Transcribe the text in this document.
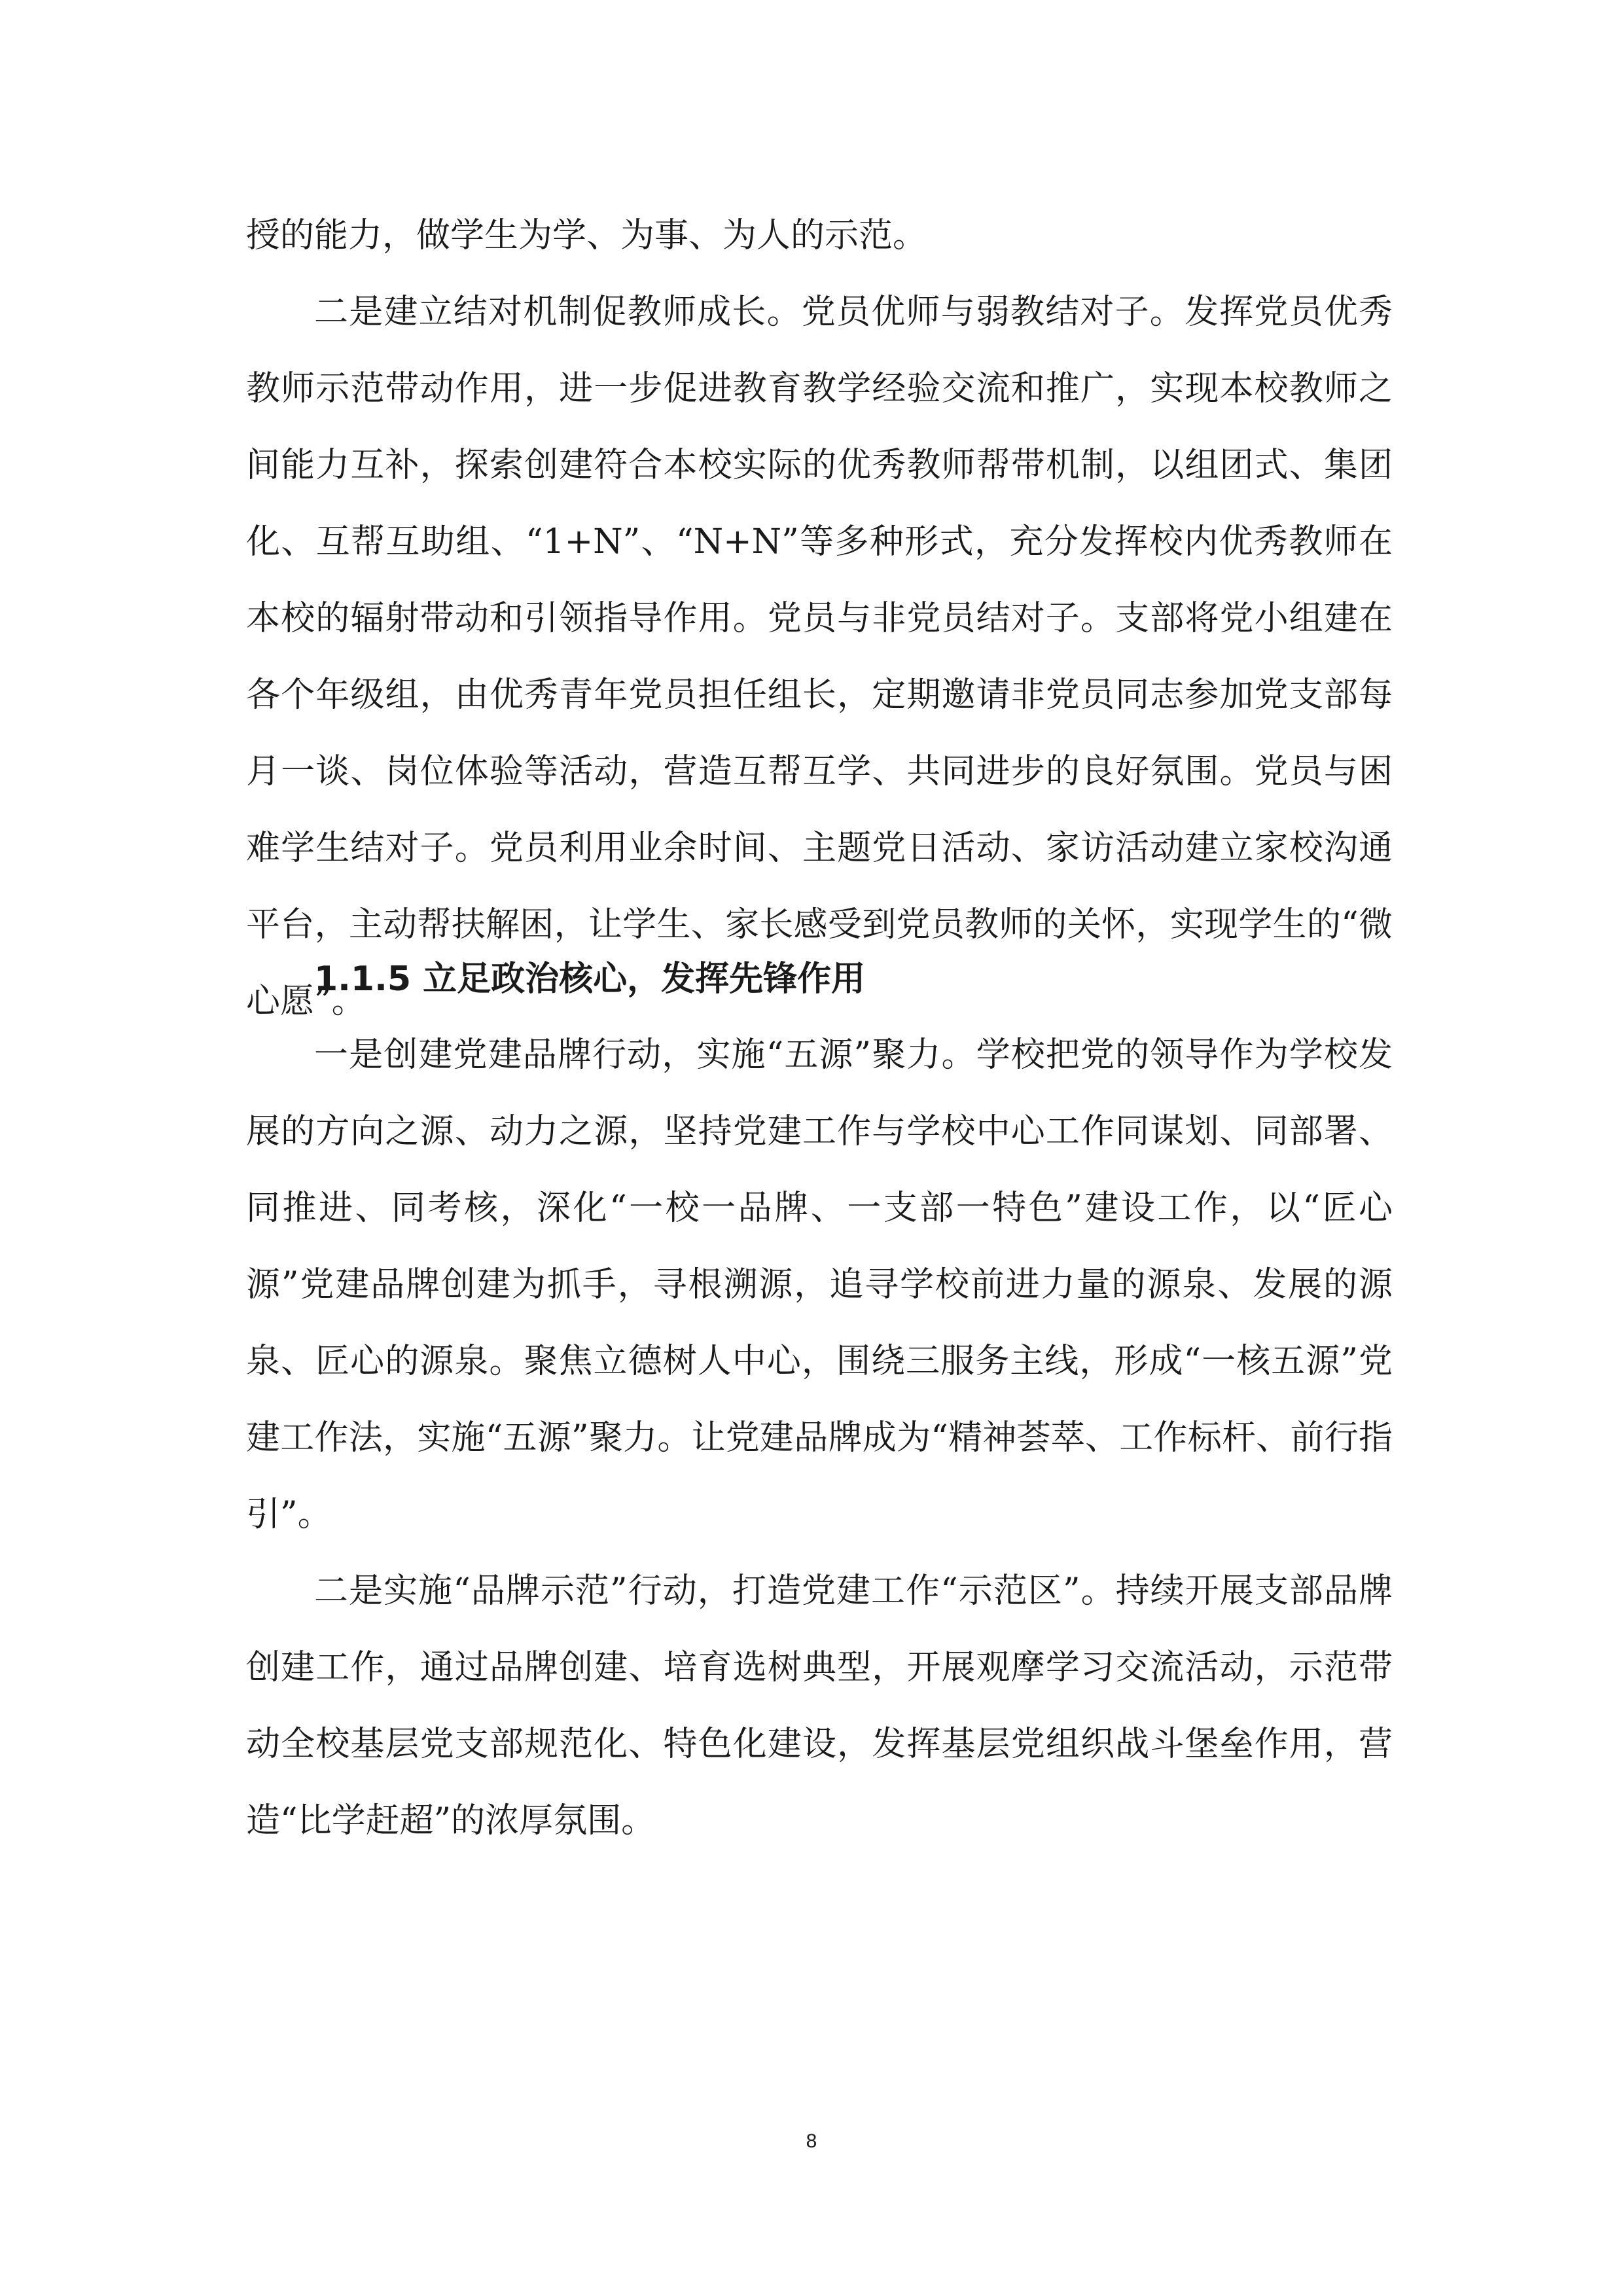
授的能力，做学生为学、为事、为人的示范。

二是建立结对机制促教师成长。党员优师与弱教结对子。发挥党员优秀教师示范带动作用，进一步促进教育教学经验交流和推广，实现本校教师之间能力互补，探索创建符合本校实际的优秀教师帮带机制，以组团式、集团化、互帮互助组、“1+N”、“N+N”等多种形式，充分发挥校内优秀教师在本校的辐射带动和引领指导作用。党员与非党员结对子。支部将党小组建在各个年级组，由优秀青年党员担任组长，定期邀请非党员同志参加党支部每月一谈、岗位体验等活动，营造互帮互学、共同进步的良好氛围。党员与困难学生结对子。党员利用业余时间、主题党日活动、家访活动建立家校沟通平台，主动帮扶解困，让学生、家长感受到党员教师的关怀，实现学生的“微心愿”。

1.1.5 立足政治核心，发挥先锋作用

一是创建党建品牌行动，实施“五源”聚力。学校把党的领导作为学校发展的方向之源、动力之源，坚持党建工作与学校中心工作同谋划、同部署、同推进、同考核，深化“一校一品牌、一支部一特色”建设工作，以“匠心源”党建品牌创建为抓手，寻根溯源，追寻学校前进力量的源泉、发展的源泉、匠心的源泉。聚焦立德树人中心，围绕三服务主线，形成“一核五源”党建工作法，实施“五源”聚力。让党建品牌成为“精神荟萃、工作标杆、前行指引”。

二是实施“品牌示范”行动，打造党建工作“示范区”。持续开展支部品牌创建工作，通过品牌创建、培育选树典型，开展观摩学习交流活动，示范带动全校基层党支部规范化、特色化建设，发挥基层党组织战斗堡垒作用，营造“比学赶超”的浓厚氛围。

8
